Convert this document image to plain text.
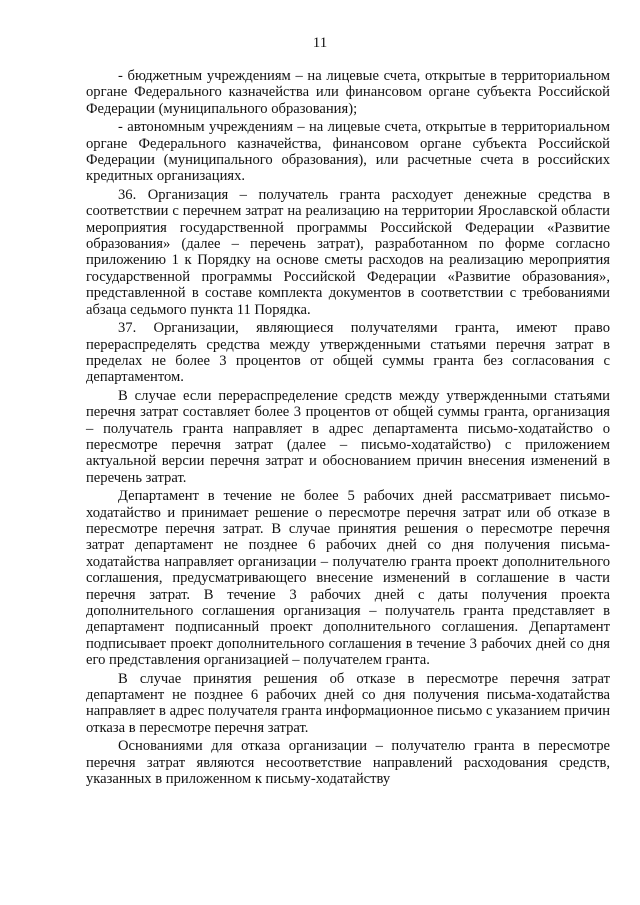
11

- бюджетным учреждениям – на лицевые счета, открытые в территориальном органе Федерального казначейства или финансовом органе субъекта Российской Федерации (муниципального образования);

- автономным учреждениям – на лицевые счета, открытые в территориальном органе Федерального казначейства, финансовом органе субъекта Российской Федерации (муниципального образования), или расчетные счета в российских кредитных организациях.

36. Организация – получатель гранта расходует денежные средства в соответствии с перечнем затрат на реализацию на территории Ярославской области мероприятия государственной программы Российской Федерации «Развитие образования» (далее – перечень затрат), разработанном по форме согласно приложению 1 к Порядку на основе сметы расходов на реализацию мероприятия государственной программы Российской Федерации «Развитие образования», представленной в составе комплекта документов в соответствии с требованиями абзаца седьмого пункта 11 Порядка.

37. Организации, являющиеся получателями гранта, имеют право перераспределять средства между утвержденными статьями перечня затрат в пределах не более 3 процентов от общей суммы гранта без согласования с департаментом.

В случае если перераспределение средств между утвержденными статьями перечня затрат составляет более 3 процентов от общей суммы гранта, организация – получатель гранта направляет в адрес департамента письмо-ходатайство о пересмотре перечня затрат (далее – письмо-ходатайство) с приложением актуальной версии перечня затрат и обоснованием причин внесения изменений в перечень затрат.

Департамент в течение не более 5 рабочих дней рассматривает письмо-ходатайство и принимает решение о пересмотре перечня затрат или об отказе в пересмотре перечня затрат. В случае принятия решения о пересмотре перечня затрат департамент не позднее 6 рабочих дней со дня получения письма-ходатайства направляет организации – получателю гранта проект дополнительного соглашения, предусматривающего внесение изменений в соглашение в части перечня затрат. В течение 3 рабочих дней с даты получения проекта дополнительного соглашения организация – получатель гранта представляет в департамент подписанный проект дополнительного соглашения. Департамент подписывает проект дополнительного соглашения в течение 3 рабочих дней со дня его представления организацией – получателем гранта.

В случае принятия решения об отказе в пересмотре перечня затрат департамент не позднее 6 рабочих дней со дня получения письма-ходатайства направляет в адрес получателя гранта информационное письмо с указанием причин отказа в пересмотре перечня затрат.

Основаниями для отказа организации – получателю гранта в пересмотре перечня затрат являются несоответствие направлений расходования средств, указанных в приложенном к письму-ходатайству
